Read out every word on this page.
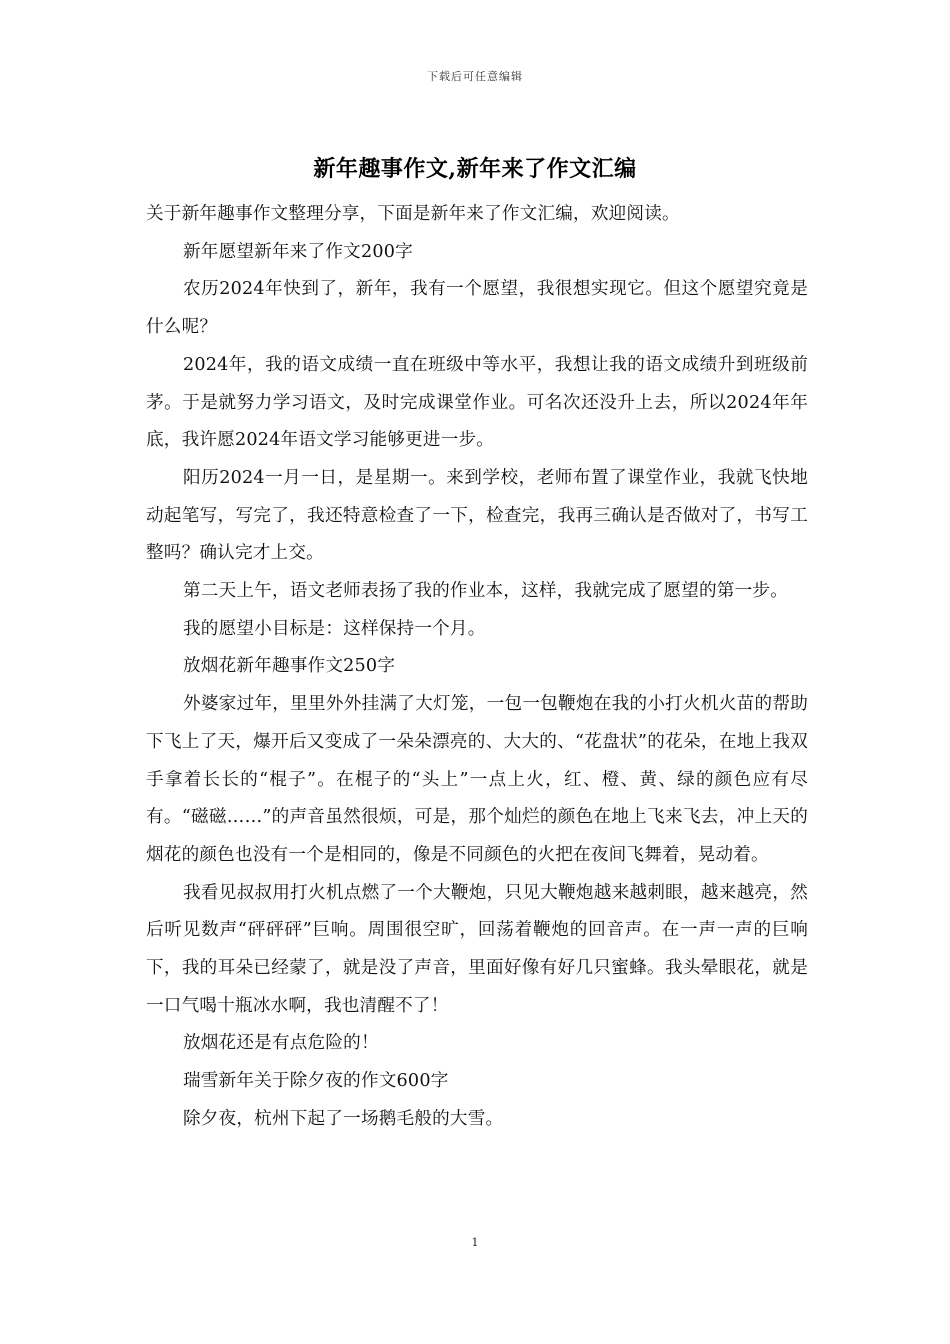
下载后可任意编辑
新年趣事作文,新年来了作文汇编

关于新年趣事作文整理分享，下面是新年来了作文汇编，欢迎阅读。

新年愿望新年来了作文200字

农历2024年快到了，新年，我有一个愿望，我很想实现它。但这个愿望究竟是什么呢？

2024年，我的语文成绩一直在班级中等水平，我想让我的语文成绩升到班级前茅。于是就努力学习语文，及时完成课堂作业。可名次还没升上去，所以2024年年底，我许愿2024年语文学习能够更进一步。

阳历2024一月一日，是星期一。来到学校，老师布置了课堂作业，我就飞快地动起笔写，写完了，我还特意检查了一下，检查完，我再三确认是否做对了，书写工整吗？确认完才上交。

第二天上午，语文老师表扬了我的作业本，这样，我就完成了愿望的第一步。

我的愿望小目标是：这样保持一个月。

放烟花新年趣事作文250字

外婆家过年，里里外外挂满了大灯笼，一包一包鞭炮在我的小打火机火苗的帮助下飞上了天，爆开后又变成了一朵朵漂亮的、大大的、“花盘状”的花朵，在地上我双手拿着长长的“棍子”。在棍子的“头上”一点上火，红、橙、黄、绿的颜色应有尽有。“磁磁……”的声音虽然很烦，可是，那个灿烂的颜色在地上飞来飞去，冲上天的烟花的颜色也没有一个是相同的，像是不同颜色的火把在夜间飞舞着，晃动着。

我看见叔叔用打火机点燃了一个大鞭炮，只见大鞭炮越来越刺眼，越来越亮，然后听见数声“砰砰砰”巨响。周围很空旷，回荡着鞭炮的回音声。在一声一声的巨响下，我的耳朵已经蒙了，就是没了声音，里面好像有好几只蜜蜂。我头晕眼花，就是一口气喝十瓶冰水啊，我也清醒不了！

放烟花还是有点危险的！

瑞雪新年关于除夕夜的作文600字

除夕夜，杭州下起了一场鹅毛般的大雪。

1
